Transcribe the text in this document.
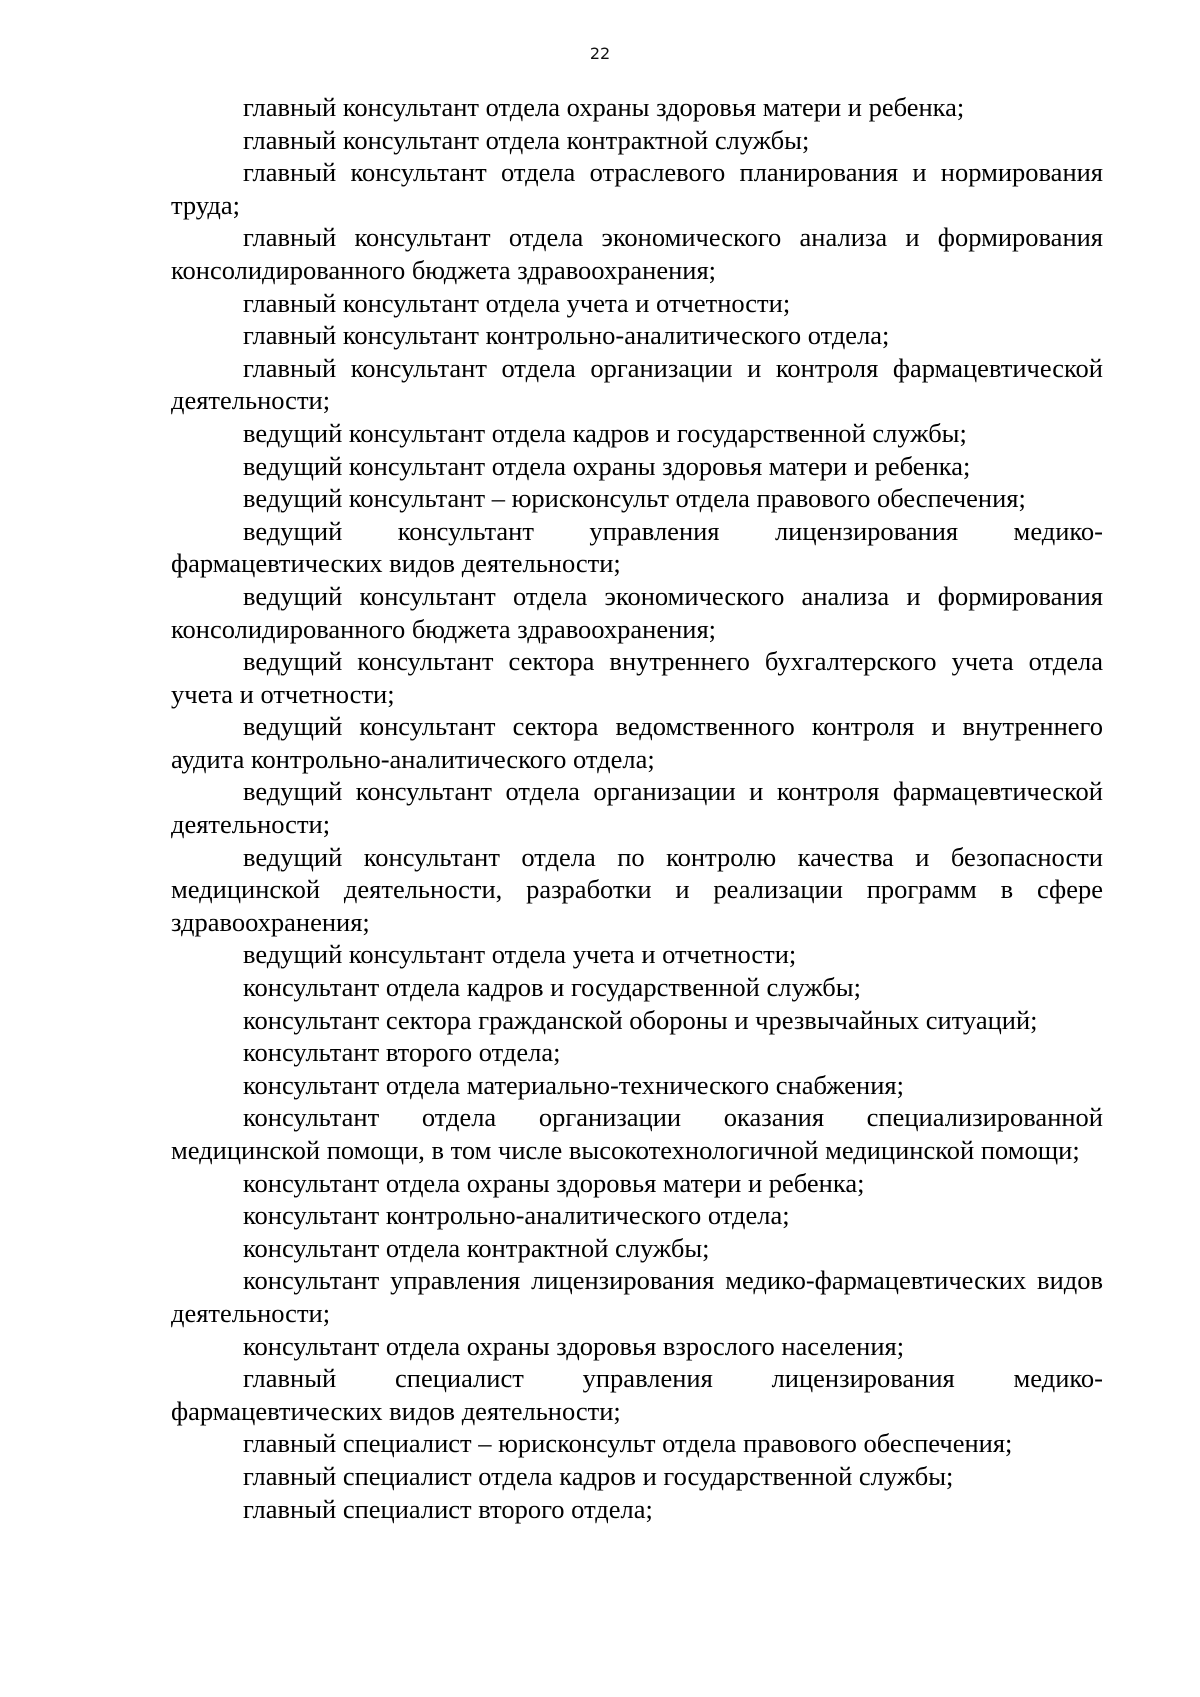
22

главный консультант отдела охраны здоровья матери и ребенка;

главный консультант отдела контрактной службы;

главный консультант отдела отраслевого планирования и нормирования труда;

главный консультант отдела экономического анализа и формирования консолидированного бюджета здравоохранения;

главный консультант отдела учета и отчетности;

главный консультант контрольно-аналитического отдела;

главный консультант отдела организации и контроля фармацевтической деятельности;

ведущий консультант отдела кадров и государственной службы;

ведущий консультант отдела охраны здоровья матери и ребенка;

ведущий консультант – юрисконсульт отдела правового обеспечения;

ведущий консультант управления лицензирования медико-фармацевтических видов деятельности;

ведущий консультант отдела экономического анализа и формирования консолидированного бюджета здравоохранения;

ведущий консультант сектора внутреннего бухгалтерского учета отдела учета и отчетности;

ведущий консультант сектора ведомственного контроля и внутреннего аудита контрольно-аналитического отдела;

ведущий консультант отдела организации и контроля фармацевтической деятельности;

ведущий консультант отдела по контролю качества и безопасности медицинской деятельности, разработки и реализации программ в сфере здравоохранения;

ведущий консультант отдела учета и отчетности;

консультант отдела кадров и государственной службы;

консультант сектора гражданской обороны и чрезвычайных ситуаций;

консультант второго отдела;

консультант отдела материально-технического снабжения;

консультант отдела организации оказания специализированной медицинской помощи, в том числе высокотехнологичной медицинской помощи;

консультант отдела охраны здоровья матери и ребенка;

консультант контрольно-аналитического отдела;

консультант отдела контрактной службы;

консультант управления лицензирования медико-фармацевтических видов деятельности;

консультант отдела охраны здоровья взрослого населения;

главный специалист управления лицензирования медико-фармацевтических видов деятельности;

главный специалист – юрисконсульт отдела правового обеспечения;

главный специалист отдела кадров и государственной службы;

главный специалист второго отдела;
